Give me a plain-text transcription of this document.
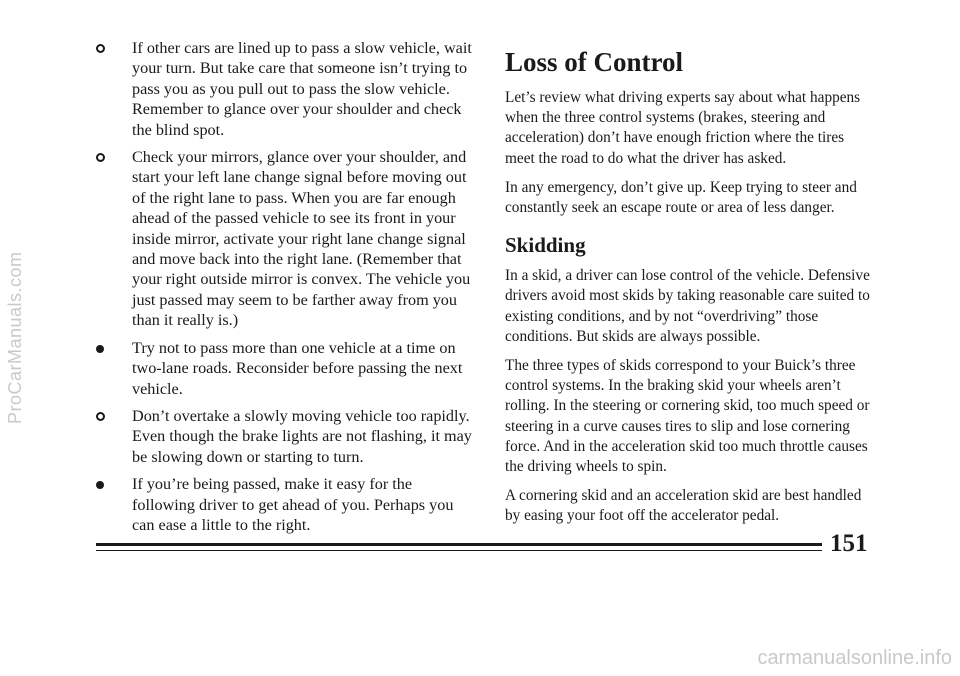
ProCarManuals.com
If other cars are lined up to pass a slow vehicle, wait your turn. But take care that someone isn’t trying to pass you as you pull out to pass the slow vehicle. Remember to glance over your shoulder and check the blind spot.
Check your mirrors, glance over your shoulder, and start your left lane change signal before moving out of the right lane to pass. When you are far enough ahead of the passed vehicle to see its front in your inside mirror, activate your right lane change signal and move back into the right lane. (Remember that your right outside mirror is convex. The vehicle you just passed may seem to be farther away from you than it really is.)
Try not to pass more than one vehicle at a time on two-lane roads. Reconsider before passing the next vehicle.
Don’t overtake a slowly moving vehicle too rapidly. Even though the brake lights are not flashing, it may be slowing down or starting to turn.
If you’re being passed, make it easy for the following driver to get ahead of you. Perhaps you can ease a little to the right.
Loss of Control

Let’s review what driving experts say about what happens when the three control systems (brakes, steering and acceleration) don’t have enough friction where the tires meet the road to do what the driver has asked.

In any emergency, don’t give up. Keep trying to steer and constantly seek an escape route or area of less danger.

Skidding

In a skid, a driver can lose control of the vehicle. Defensive drivers avoid most skids by taking reasonable care suited to existing conditions, and by not “overdriving” those conditions. But skids are always possible.

The three types of skids correspond to your Buick’s three control systems. In the braking skid your wheels aren’t rolling. In the steering or cornering skid, too much speed or steering in a curve causes tires to slip and lose cornering force. And in the acceleration skid too much throttle causes the driving wheels to spin.

A cornering skid and an acceleration skid are best handled by easing your foot off the accelerator pedal.

151
carmanualsonline.info
